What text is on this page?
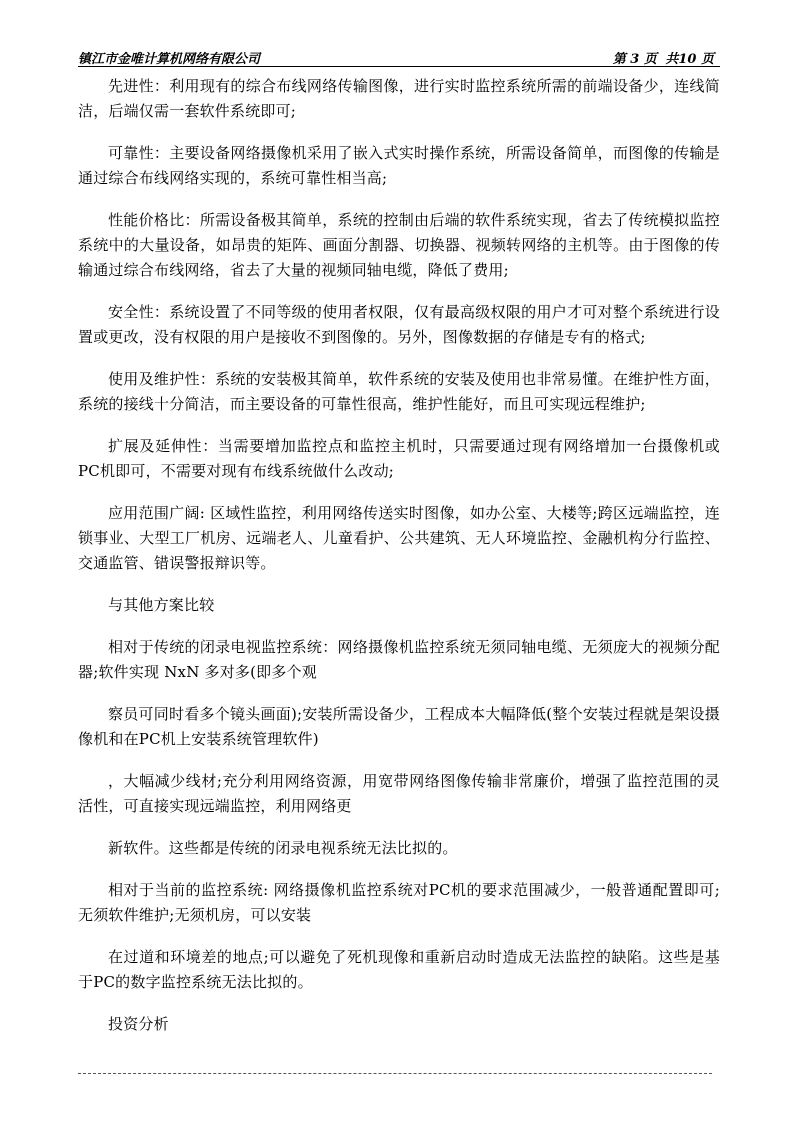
镇江市金唯计算机网络有限公司	第 3 页 共10 页

先进性：利用现有的综合布线网络传输图像，进行实时监控系统所需的前端设备少，连线简洁，后端仅需一套软件系统即可;

可靠性：主要设备网络摄像机采用了嵌入式实时操作系统，所需设备简单，而图像的传输是通过综合布线网络实现的，系统可靠性相当高;

性能价格比：所需设备极其简单，系统的控制由后端的软件系统实现，省去了传统模拟监控系统中的大量设备，如昂贵的矩阵、画面分割器、切换器、视频转网络的主机等。由于图像的传输通过综合布线网络，省去了大量的视频同轴电缆，降低了费用;

安全性：系统设置了不同等级的使用者权限，仅有最高级权限的用户才可对整个系统进行设置或更改，没有权限的用户是接收不到图像的。另外，图像数据的存储是专有的格式;

使用及维护性：系统的安装极其简单，软件系统的安装及使用也非常易懂。在维护性方面，系统的接线十分简洁，而主要设备的可靠性很高，维护性能好，而且可实现远程维护;

扩展及延伸性：当需要增加监控点和监控主机时，只需要通过现有网络增加一台摄像机或PC机即可，不需要对现有布线系统做什么改动;

应用范围广阔: 区域性监控，利用网络传送实时图像，如办公室、大楼等;跨区远端监控，连锁事业、大型工厂机房、远端老人、儿童看护、公共建筑、无人环境监控、金融机构分行监控、交通监管、错误警报辩识等。

与其他方案比较

相对于传统的闭录电视监控系统：网络摄像机监控系统无须同轴电缆、无须庞大的视频分配器;软件实现 NxN 多对多(即多个观

察员可同时看多个镜头画面);安装所需设备少，工程成本大幅降低(整个安装过程就是架设摄像机和在PC机上安装系统管理软件)

，大幅减少线材;充分利用网络资源，用宽带网络图像传输非常廉价，增强了监控范围的灵活性，可直接实现远端监控，利用网络更

新软件。这些都是传统的闭录电视系统无法比拟的。

相对于当前的监控系统: 网络摄像机监控系统对PC机的要求范围减少，一般普通配置即可;无须软件维护;无须机房，可以安装

在过道和环境差的地点;可以避免了死机现像和重新启动时造成无法监控的缺陷。这些是基于PC的数字监控系统无法比拟的。

投资分析
